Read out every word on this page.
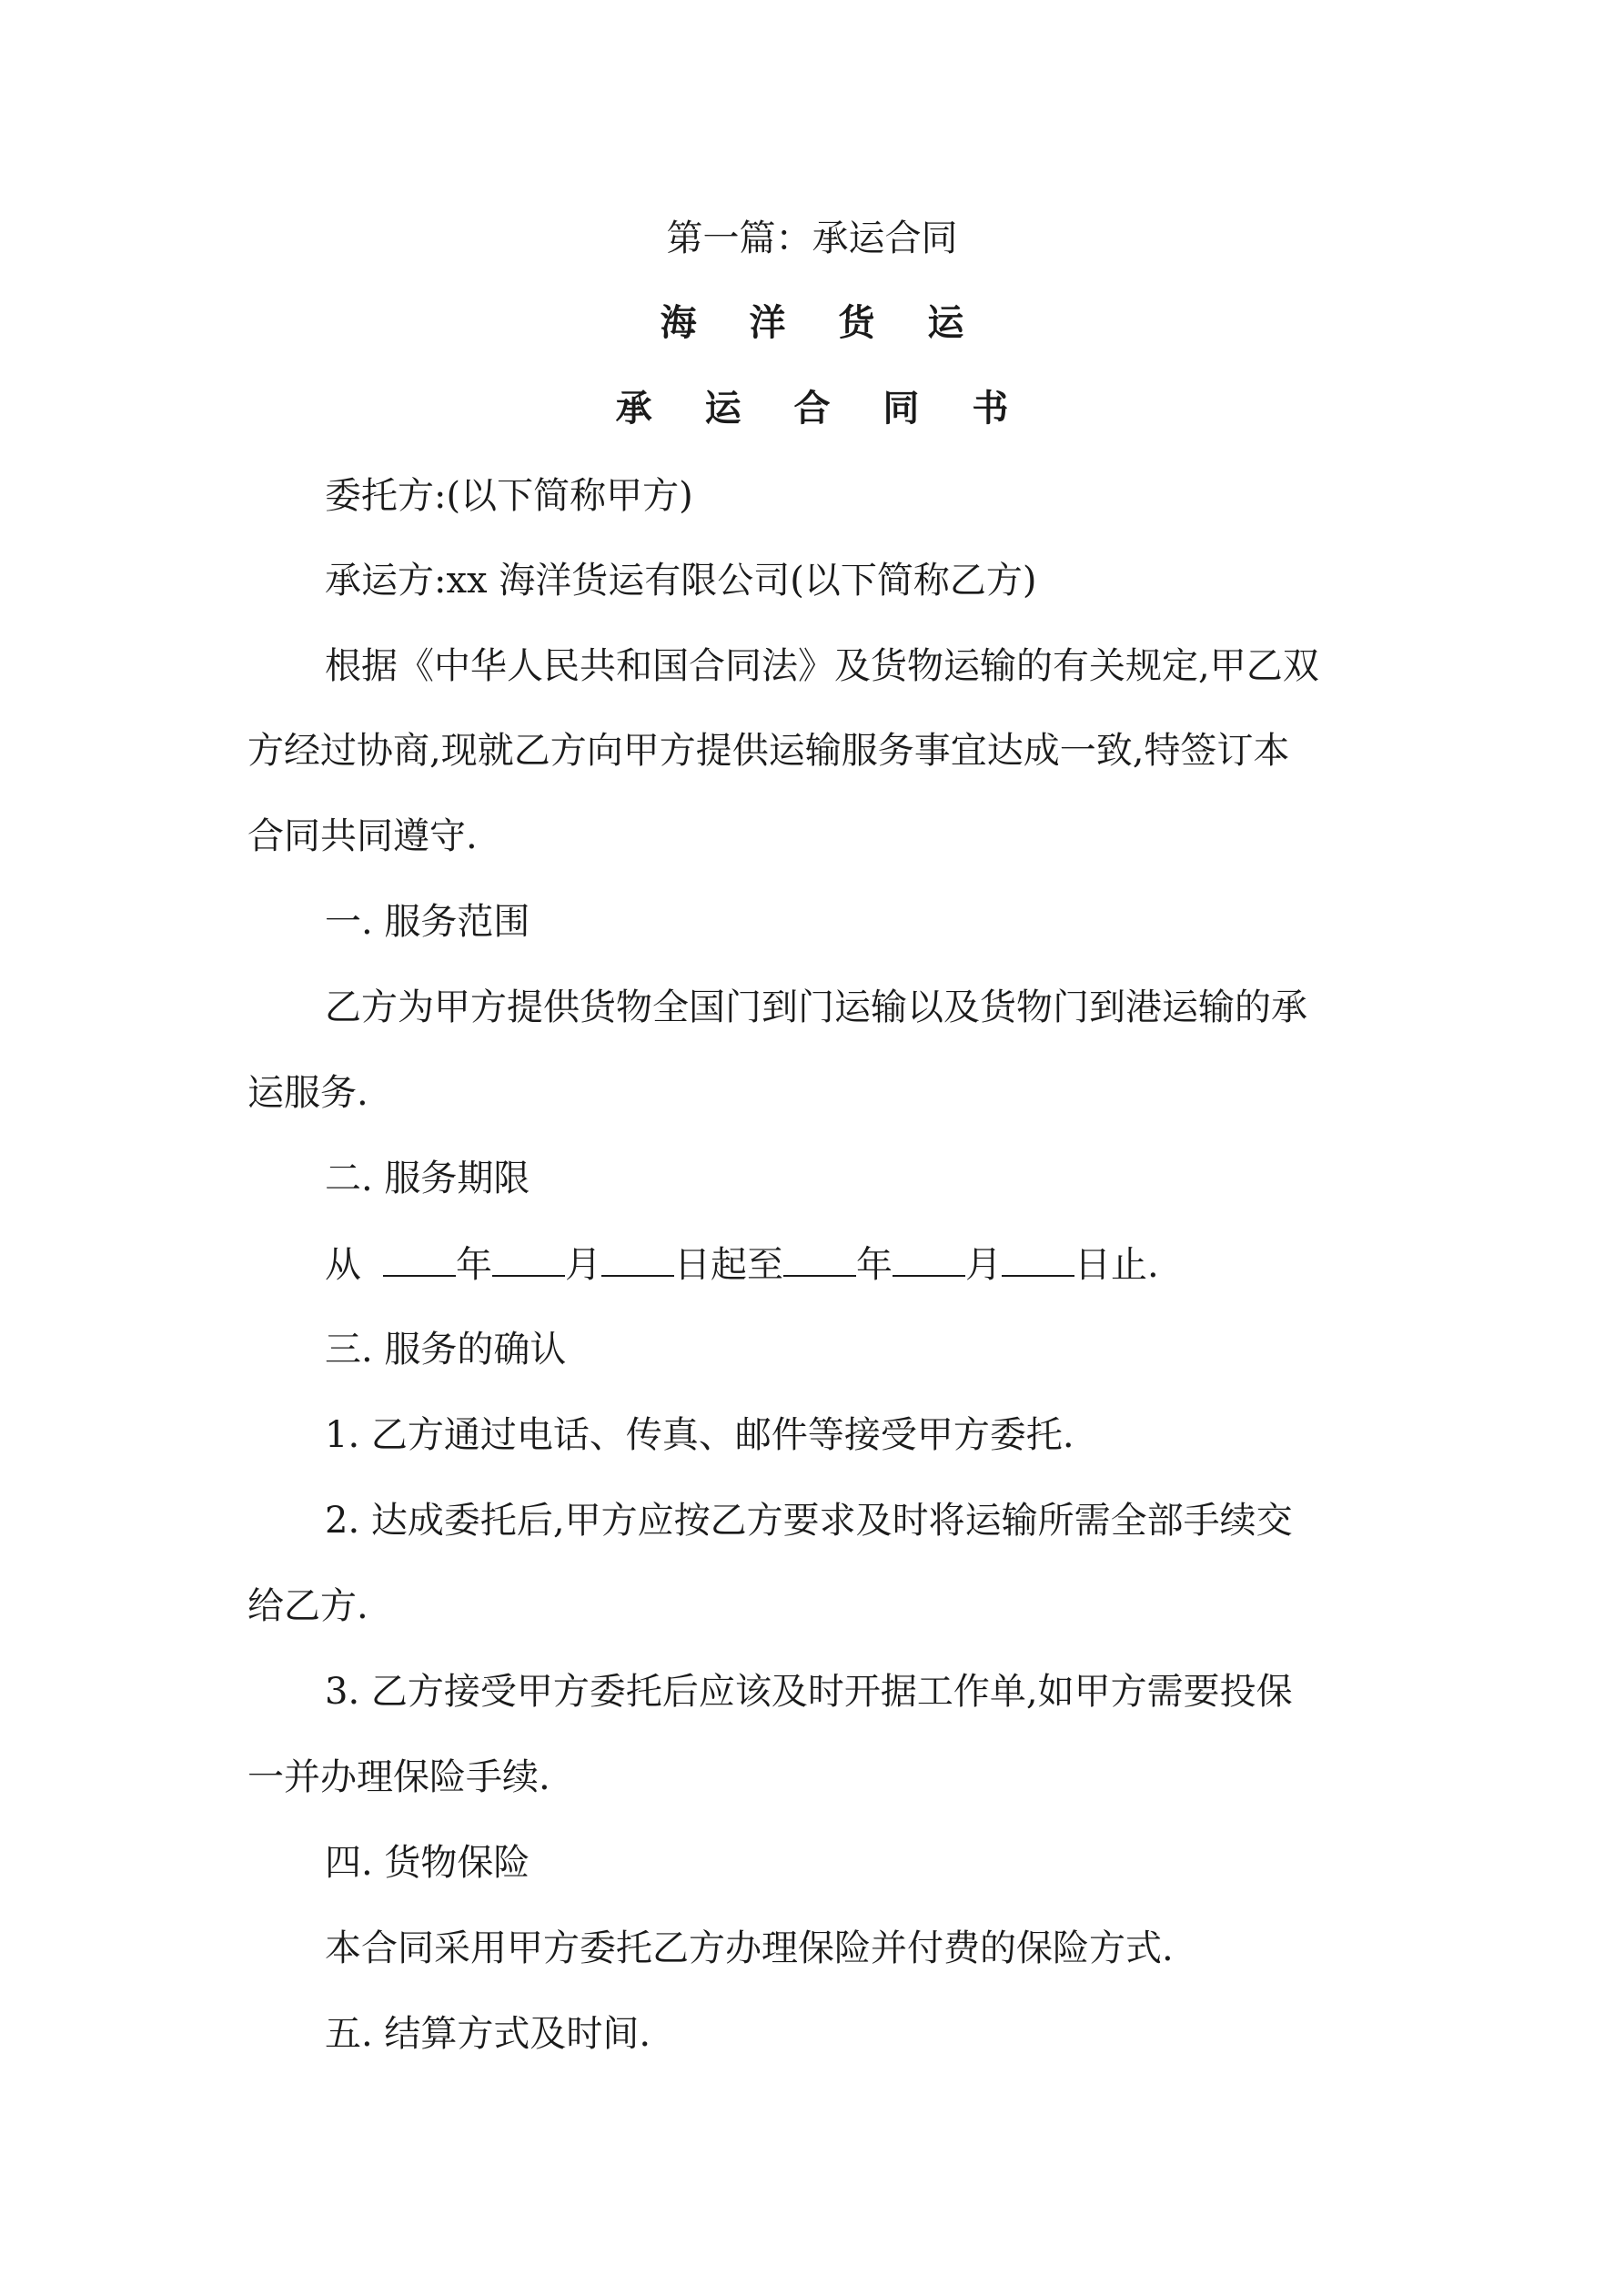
第一篇：承运合同

海 洋 货 运

承 运 合 同 书

委托方:(以下简称甲方)

承运方:xx 海洋货运有限公司(以下简称乙方)

根据《中华人民共和国合同法》及货物运输的有关规定,甲乙双

方经过协商,现就乙方向甲方提供运输服务事宜达成一致,特签订本

合同共同遵守.

一. 服务范围

乙方为甲方提供货物全国门到门运输以及货物门到港运输的承

运服务.

二. 服务期限

从	年 月 日起至 年 月 日止.

三. 服务的确认

1. 乙方通过电话、传真、邮件等接受甲方委托.

2. 达成委托后,甲方应按乙方要求及时将运输所需全部手续交

给乙方.

3. 乙方接受甲方委托后应该及时开据工作单,如甲方需要投保

一并办理保险手续.

四. 货物保险

本合同采用甲方委托乙方办理保险并付费的保险方式.

五. 结算方式及时间.
